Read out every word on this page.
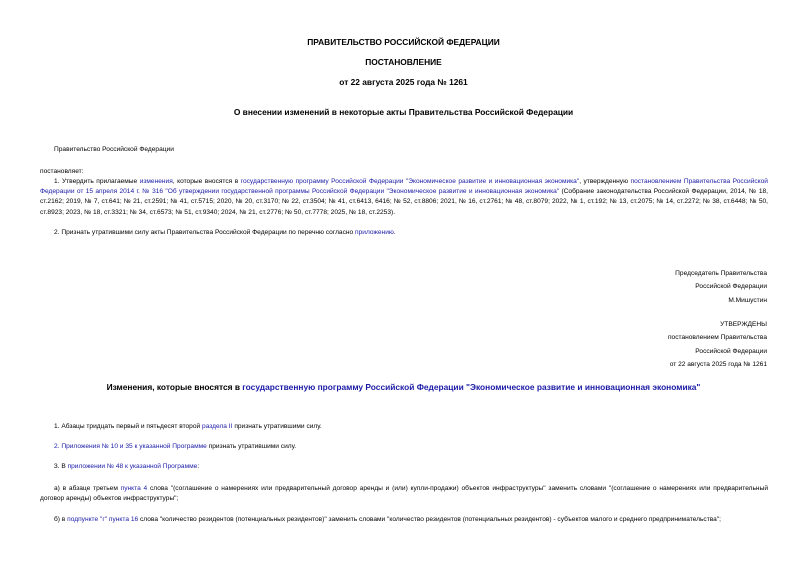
ПРАВИТЕЛЬСТВО РОССИЙСКОЙ ФЕДЕРАЦИИ
ПОСТАНОВЛЕНИЕ
от 22 августа 2025 года № 1261
О внесении изменений в некоторые акты Правительства Российской Федерации
Правительство Российской Федерации
постановляет:
1. Утвердить прилагаемые изменения, которые вносятся в государственную программу Российской Федерации "Экономическое развитие и инновационная экономика", утвержденную постановлением Правительства Российской Федерации от 15 апреля 2014 г. № 316 "Об утверждении государственной программы Российской Федерации "Экономическое развитие и инновационная экономика" (Собрание законодательства Российской Федерации, 2014, № 18, ст.2162; 2019, № 7, ст.641; № 21, ст.2591; № 41, ст.5715; 2020, № 20, ст.3170; № 22, ст.3504; № 41, ст.6413, 6416; № 52, ст.8806; 2021, № 16, ст.2761; № 48, ст.8079; 2022, № 1, ст.192; № 13, ст.2075; № 14, ст.2272; № 38, ст.6448; № 50, ст.8923; 2023, № 18, ст.3321; № 34, ст.6573; № 51, ст.9340; 2024, № 21, ст.2776; № 50, ст.7778; 2025, № 18, ст.2253).
2. Признать утратившими силу акты Правительства Российской Федерации по перечню согласно приложению.
Председатель Правительства
Российской Федерации
М.Мишустин
УТВЕРЖДЕНЫ
постановлением Правительства
Российской Федерации
от 22 августа 2025 года № 1261
Изменения, которые вносятся в государственную программу Российской Федерации "Экономическое развитие и инновационная экономика"
1. Абзацы тридцать первый и пятьдесят второй раздела II признать утратившими силу.
2. Приложения № 10 и 35 к указанной Программе признать утратившими силу.
3. В приложении № 48 к указанной Программе:
а) в абзаце третьем пункта 4 слова "(соглашение о намерениях или предварительный договор аренды и (или) купли-продажи) объектов инфраструктуры" заменить словами "(соглашение о намерениях или предварительный договор аренды) объектов инфраструктуры";
б) в подпункте "г" пункта 16 слова "количество резидентов (потенциальных резидентов)" заменить словами "количество резидентов (потенциальных резидентов) - субъектов малого и среднего предпринимательства";
